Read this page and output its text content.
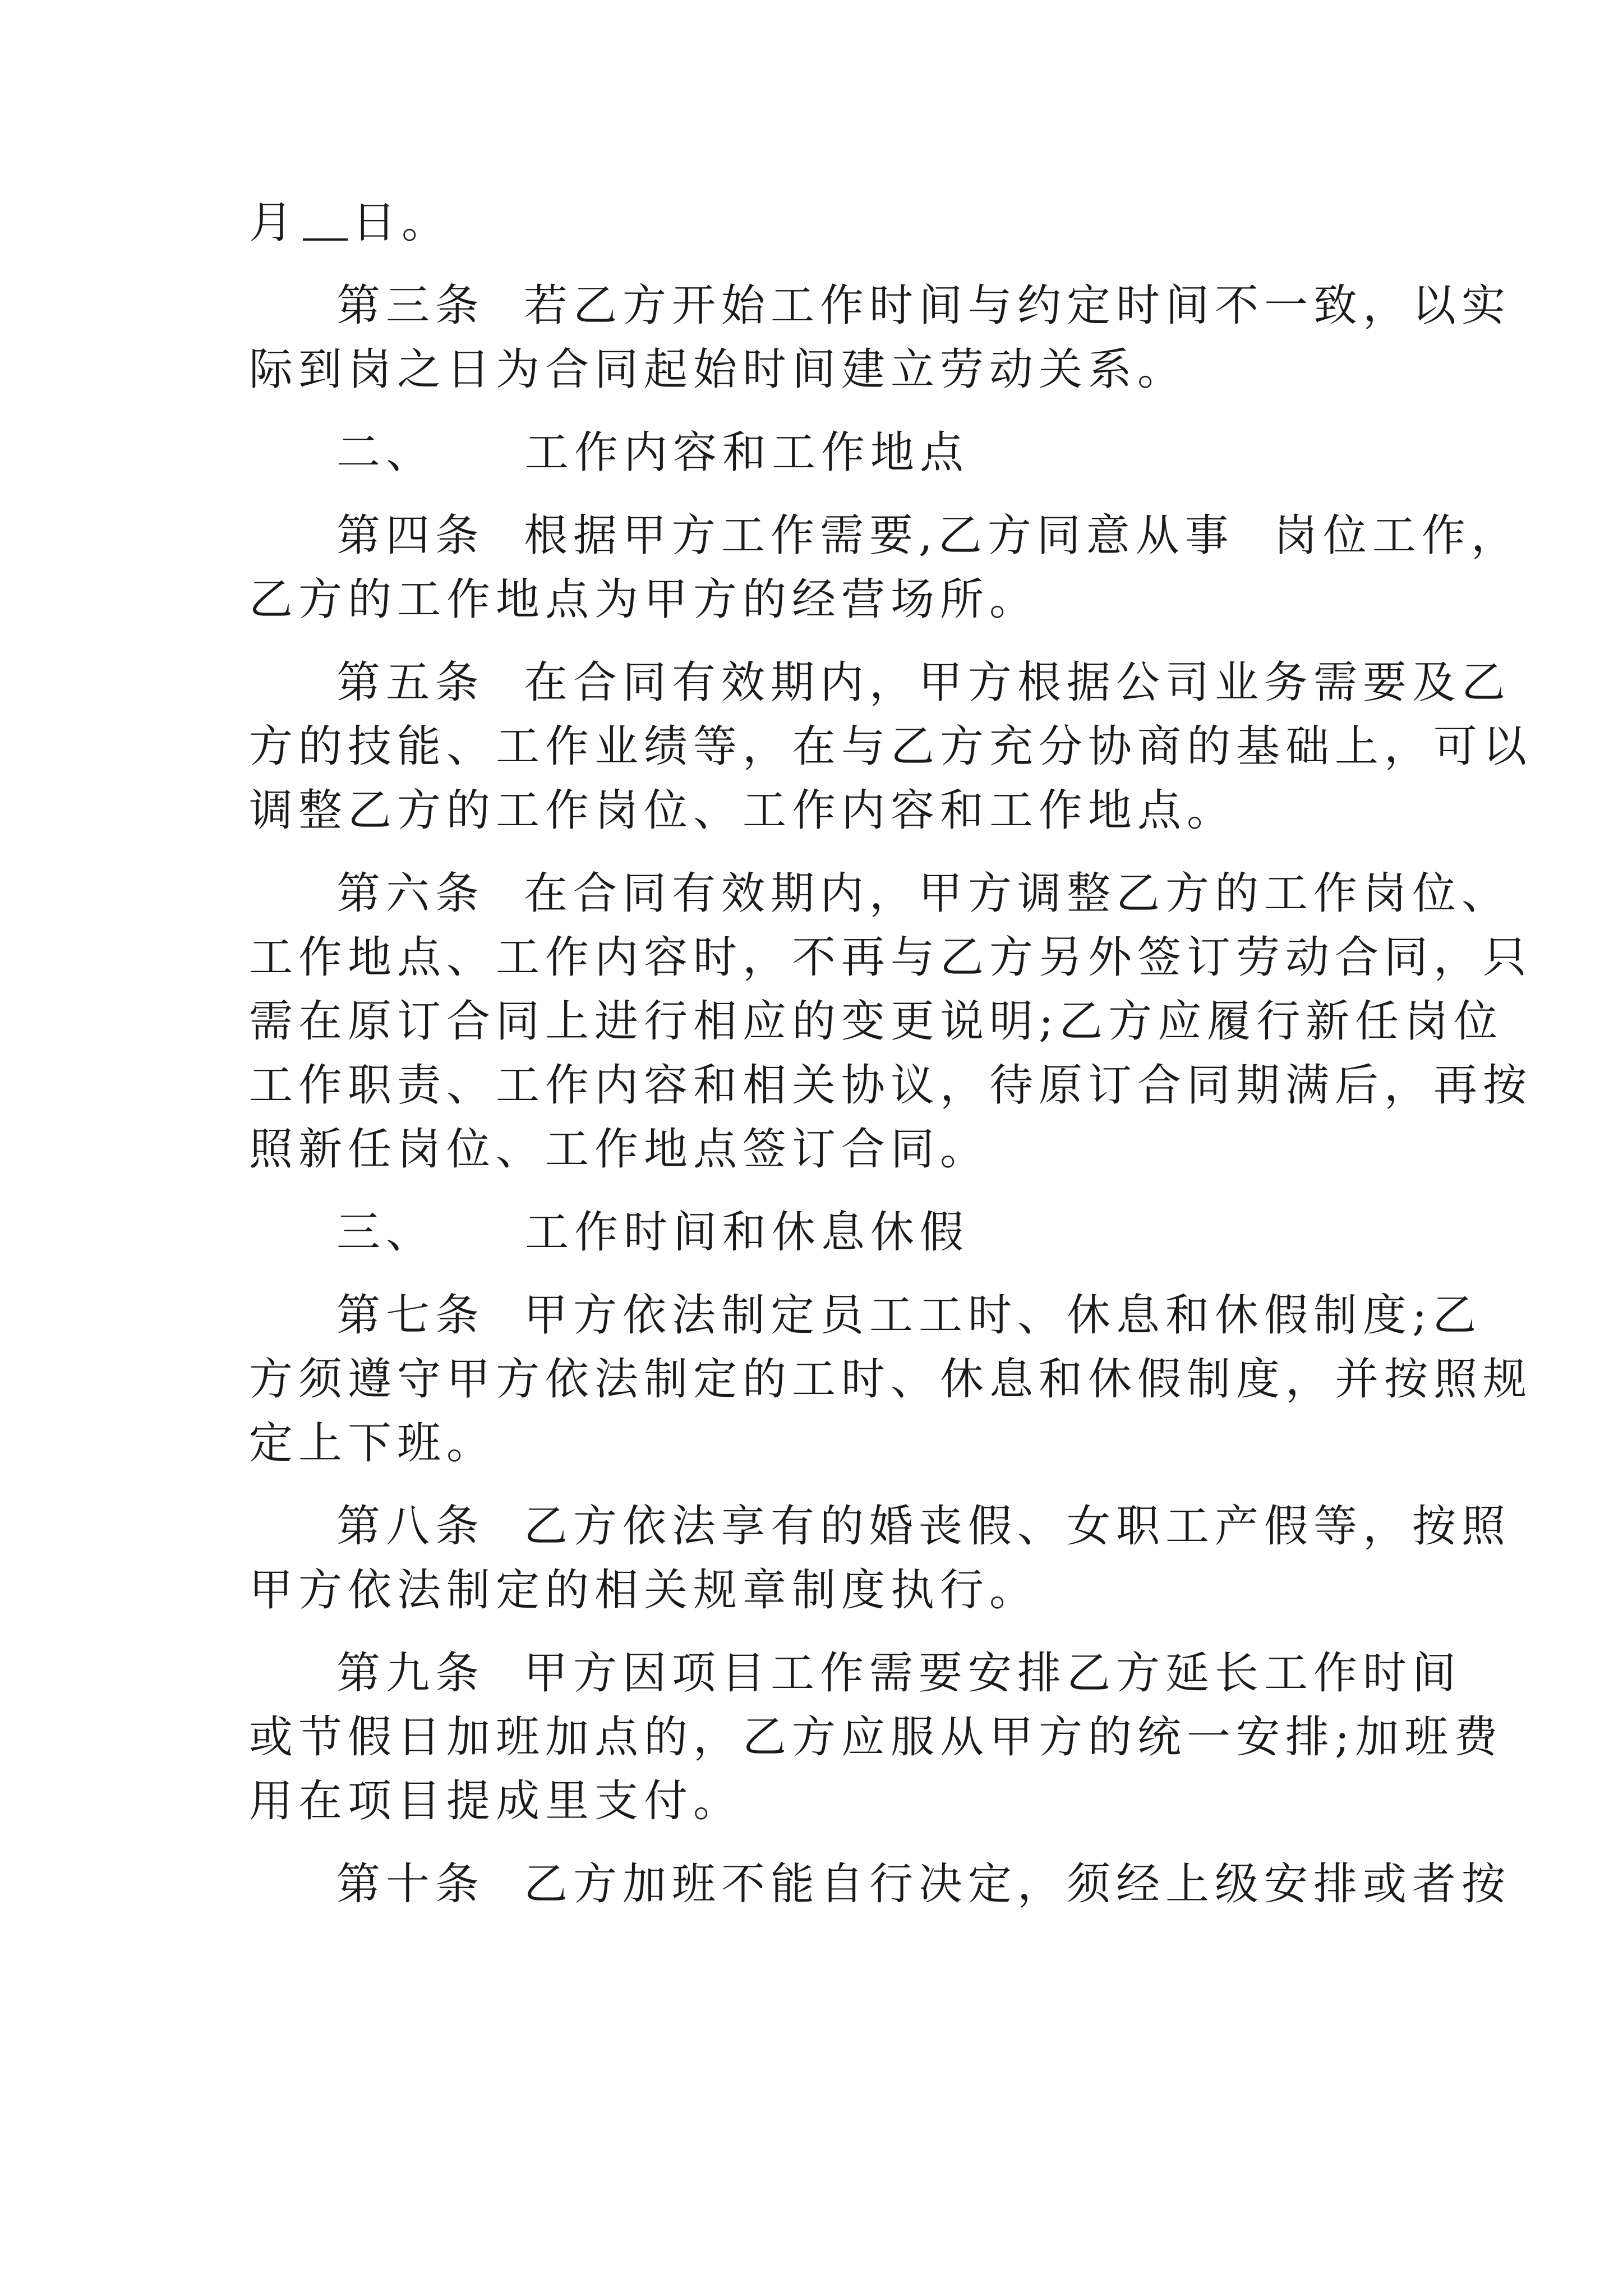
月 日。
第三条 若乙方开始工作时间与约定时间不一致，以实
际到岗之日为合同起始时间建立劳动关系。
二、 工作内容和工作地点
第四条 根据甲方工作需要,乙方同意从事 岗位工作，
乙方的工作地点为甲方的经营场所。
第五条 在合同有效期内，甲方根据公司业务需要及乙
方的技能、工作业绩等，在与乙方充分协商的基础上，可以
调整乙方的工作岗位、工作内容和工作地点。
第六条 在合同有效期内，甲方调整乙方的工作岗位、
工作地点、工作内容时，不再与乙方另外签订劳动合同，只
需在原订合同上进行相应的变更说明;乙方应履行新任岗位
工作职责、工作内容和相关协议，待原订合同期满后，再按
照新任岗位、工作地点签订合同。
三、 工作时间和休息休假
第七条 甲方依法制定员工工时、休息和休假制度;乙
方须遵守甲方依法制定的工时、休息和休假制度，并按照规
定上下班。
第八条 乙方依法享有的婚丧假、女职工产假等，按照
甲方依法制定的相关规章制度执行。
第九条 甲方因项目工作需要安排乙方延长工作时间
或节假日加班加点的，乙方应服从甲方的统一安排;加班费
用在项目提成里支付。
第十条 乙方加班不能自行决定，须经上级安排或者按
